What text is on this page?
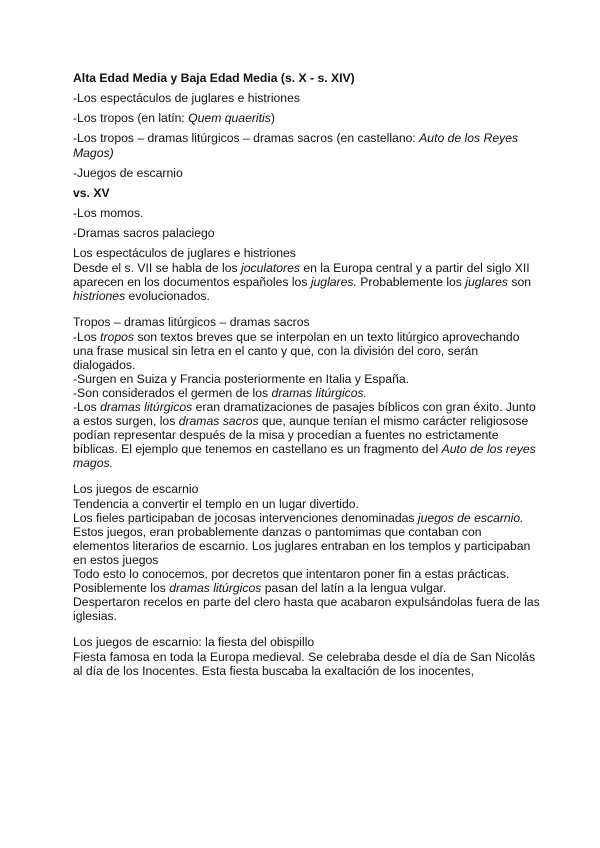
Alta Edad Media y Baja Edad Media (s. X - s. XIV)

-Los espectáculos de juglares e histriones

-Los tropos (en latín: Quem quaeritis)

-Los tropos – dramas litúrgicos – dramas sacros (en castellano: Auto de los Reyes Magos)

-Juegos de escarnio

vs. XV

-Los momos.

-Dramas sacros palaciego

Los espectáculos de juglares e histriones

Desde el s. VII se habla de los joculatores en la Europa central y a partir del siglo XII aparecen en los documentos españoles los juglares. Probablemente los juglares son histriones evolucionados.

Tropos – dramas litúrgicos – dramas sacros

-Los tropos son textos breves que se interpolan en un texto litúrgico aprovechando una frase musical sin letra en el canto y que, con la división del coro, serán dialogados.

-Surgen en Suiza y Francia posteriormente en Italia y España.

-Son considerados el germen de los dramas litúrgicos.

-Los dramas litúrgicos eran dramatizaciones de pasajes bíblicos con gran éxito. Junto a estos surgen, los dramas sacros que, aunque tenían el mismo carácter religiosose podían representar después de la misa y procedían a fuentes no estrictamente bíblicas. El ejemplo que tenemos en castellano es un fragmento del Auto de los reyes magos.

Los juegos de escarnio

Tendencia a convertir el templo en un lugar divertido.

Los fieles participaban de jocosas intervenciones denominadas juegos de escarnio.

Estos juegos, eran probablemente danzas o pantomimas que contaban con elementos literarios de escarnio. Los juglares entraban en los templos y participaban en estos juegos

Todo esto lo conocemos, por decretos que intentaron poner fin a estas prácticas. Posiblemente los dramas litúrgicos pasan del latín a la lengua vulgar.

Despertaron recelos en parte del clero hasta que acabaron expulsándolas fuera de las iglesias.

Los juegos de escarnio: la fiesta del obispillo

Fiesta famosa en toda la Europa medieval. Se celebraba desde el día de San Nicolás al día de los Inocentes. Esta fiesta buscaba la exaltación de los inocentes,
